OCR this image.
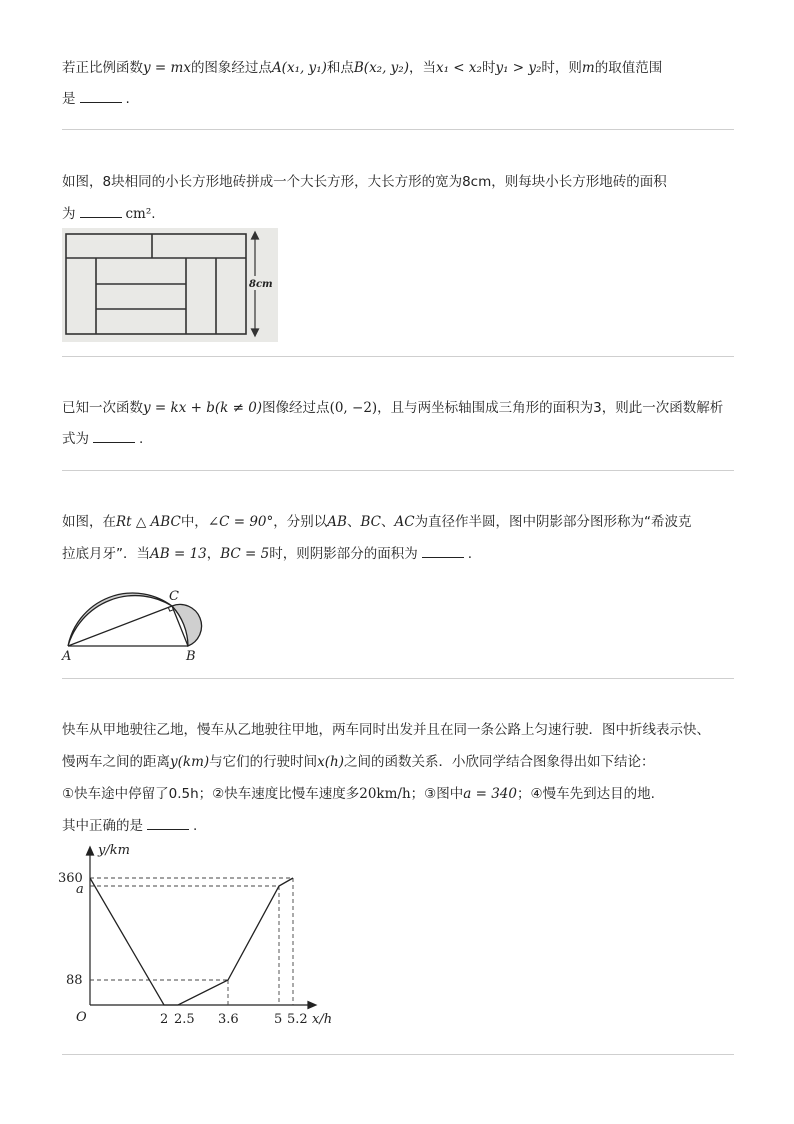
若正比例函数y = mx的图象经过点A(x₁, y₁)和点B(x₂, y₂)，当x₁ < x₂时y₁ > y₂时，则m的取值范围
是	.
如图，8块相同的小长方形地砖拼成一个大长方形，大长方形的宽为8cm，则每块小长方形地砖的面积
为	cm².
8cm
已知一次函数y = kx + b(k ≠ 0)图像经过点(0, −2)，且与两坐标轴围成三角形的面积为3，则此一次函数解析
式为	.
如图，在Rt △ ABC中，∠C = 90°，分别以AB、BC、AC为直径作半圆，图中阴影部分图形称为“希波克
拉底月牙”．当AB = 13，BC = 5时，则阴影部分的面积为	.
A	B
C
快车从甲地驶往乙地，慢车从乙地驶往甲地，两车同时出发并且在同一条公路上匀速行驶．图中折线表示快、
慢两车之间的距离y(km)与它们的行驶时间x(h)之间的函数关系．小欣同学结合图象得出如下结论：
①快车途中停留了0.5h；②快车速度比慢车速度多20km/h；③图中a = 340；④慢车先到达目的地.
其中正确的是	.
360
a
88
O	2 2.5 3.6	5 5.2
y/km
x/h
